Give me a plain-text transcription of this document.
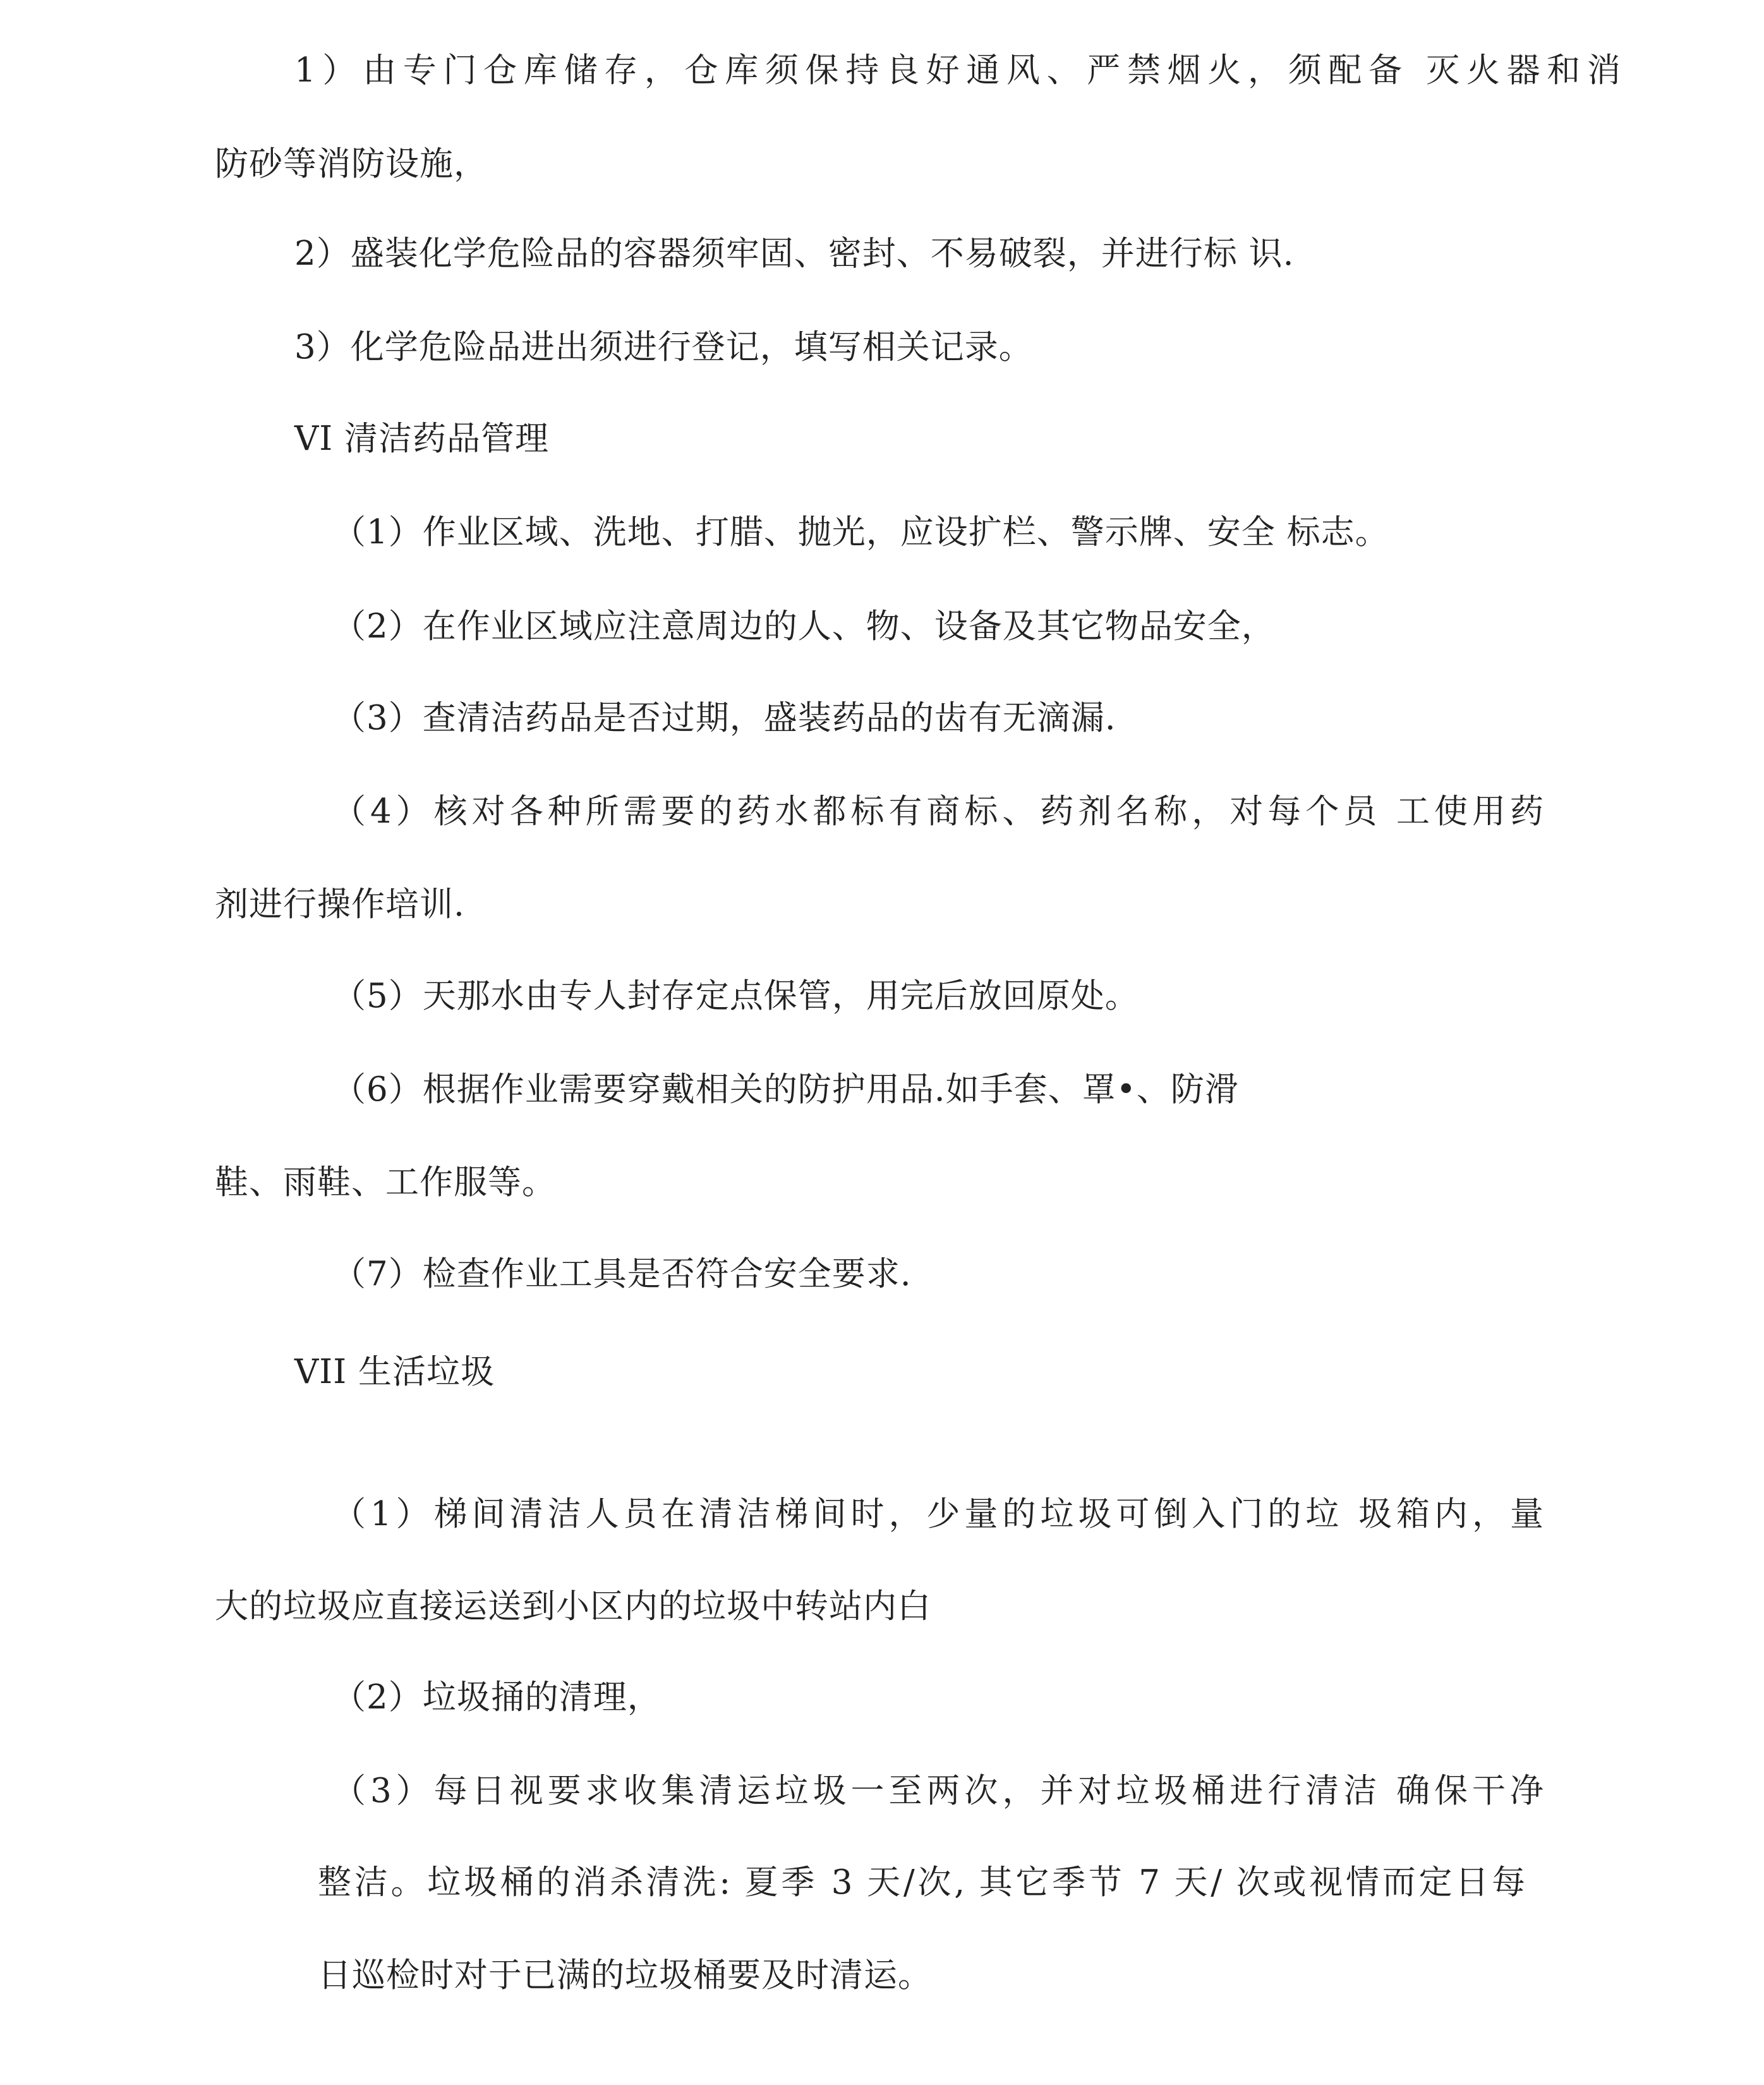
1）由专门仓库储存，仓库须保持良好通风、严禁烟火，须配备 灭火器和消
防砂等消防设施，
2）盛装化学危险品的容器须牢固、密封、不易破裂，并进行标 识.
3）化学危险品进出须进行登记，填写相关记录。
VI 清洁药品管理
（1）作业区域、洗地、打腊、抛光，应设扩栏、警示牌、安全 标志。
（2）在作业区域应注意周边的人、物、设备及其它物品安全，
（3）查清洁药品是否过期，盛装药品的齿有无滴漏.
（4）核对各种所需要的药水都标有商标、药剂名称，对每个员 工使用药
剂进行操作培训.
（5）天那水由专人封存定点保管，用完后放回原处。
（6）根据作业需要穿戴相关的防护用品.如手套、罩•、防滑
鞋、雨鞋、工作服等。
（7）检查作业工具是否符合安全要求.
VII 生活垃圾
（1）梯间清洁人员在清洁梯间时，少量的垃圾可倒入门的垃 圾箱内，量
大的垃圾应直接运送到小区内的垃圾中转站内白
（2）垃圾捅的清理，
（3）每日视要求收集清运垃圾一至两次，并对垃圾桶进行清洁 确保干净
整洁。垃圾桶的消杀清洗: 夏季 3 天/次, 其它季节 7 天/ 次或视情而定日每
日巡检时对于已满的垃圾桶要及时清运。
